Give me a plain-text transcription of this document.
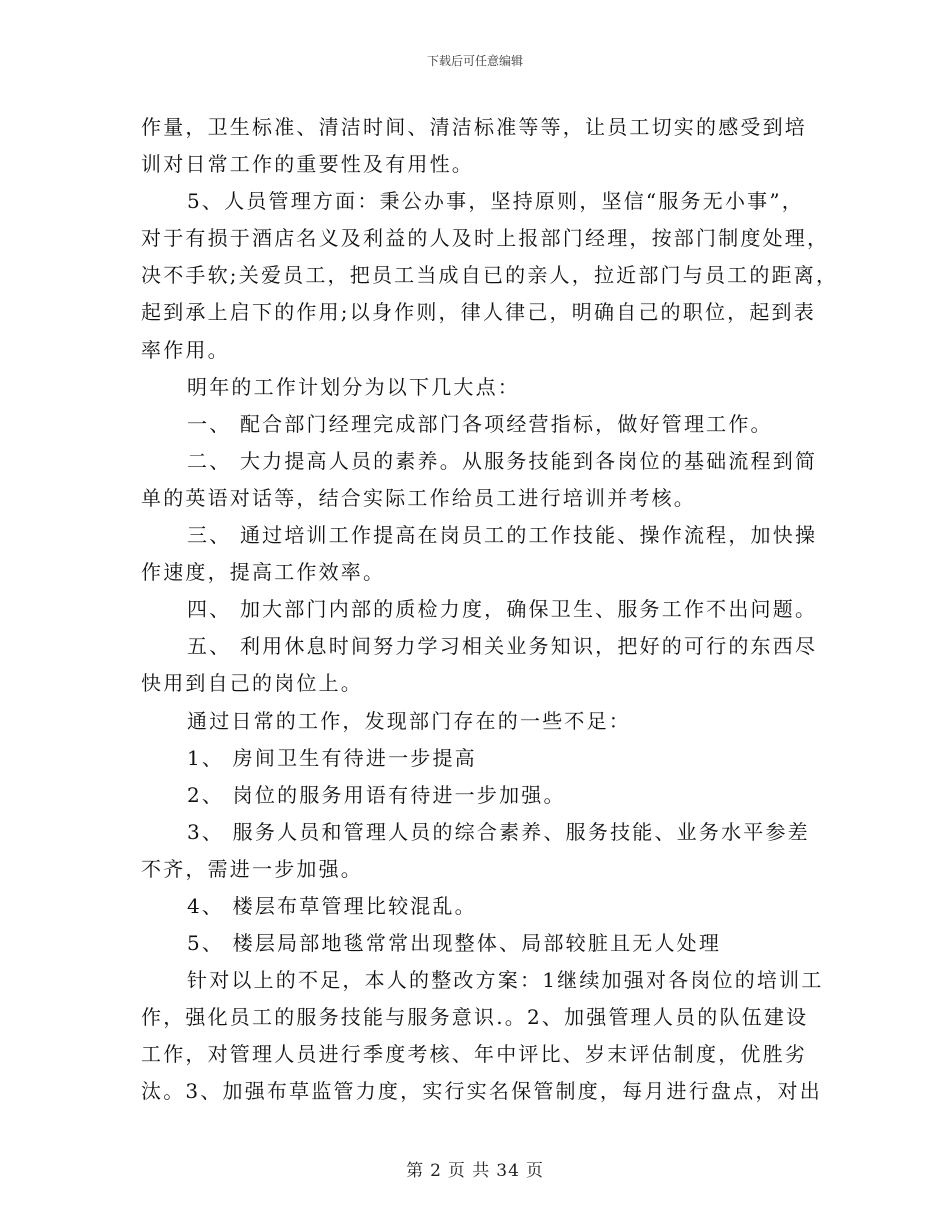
下载后可任意编辑
作量，卫生标准、清洁时间、清洁标准等等，让员工切实的感受到培
训对日常工作的重要性及有用性。
5、人员管理方面：秉公办事，坚持原则，坚信“服务无小事”，
对于有损于酒店名义及利益的人及时上报部门经理，按部门制度处理，
决不手软;关爱员工，把员工当成自已的亲人，拉近部门与员工的距离，
起到承上启下的作用;以身作则，律人律己，明确自己的职位，起到表
率作用。
明年的工作计划分为以下几大点：
一、 配合部门经理完成部门各项经营指标，做好管理工作。
二、 大力提高人员的素养。从服务技能到各岗位的基础流程到简
单的英语对话等，结合实际工作给员工进行培训并考核。
三、 通过培训工作提高在岗员工的工作技能、操作流程，加快操
作速度，提高工作效率。
四、 加大部门内部的质检力度，确保卫生、服务工作不出问题。
五、 利用休息时间努力学习相关业务知识，把好的可行的东西尽
快用到自己的岗位上。
通过日常的工作，发现部门存在的一些不足：
1、 房间卫生有待进一步提高
2、 岗位的服务用语有待进一步加强。
3、 服务人员和管理人员的综合素养、服务技能、业务水平参差
不齐，需进一步加强。
4、 楼层布草管理比较混乱。
5、 楼层局部地毯常常出现整体、局部较脏且无人处理
针对以上的不足，本人的整改方案：1继续加强对各岗位的培训工
作，强化员工的服务技能与服务意识.。2、加强管理人员的队伍建设
工作，对管理人员进行季度考核、年中评比、岁末评估制度，优胜劣
汰。3、加强布草监管力度，实行实名保管制度，每月进行盘点，对出
第 2 页 共 34 页
